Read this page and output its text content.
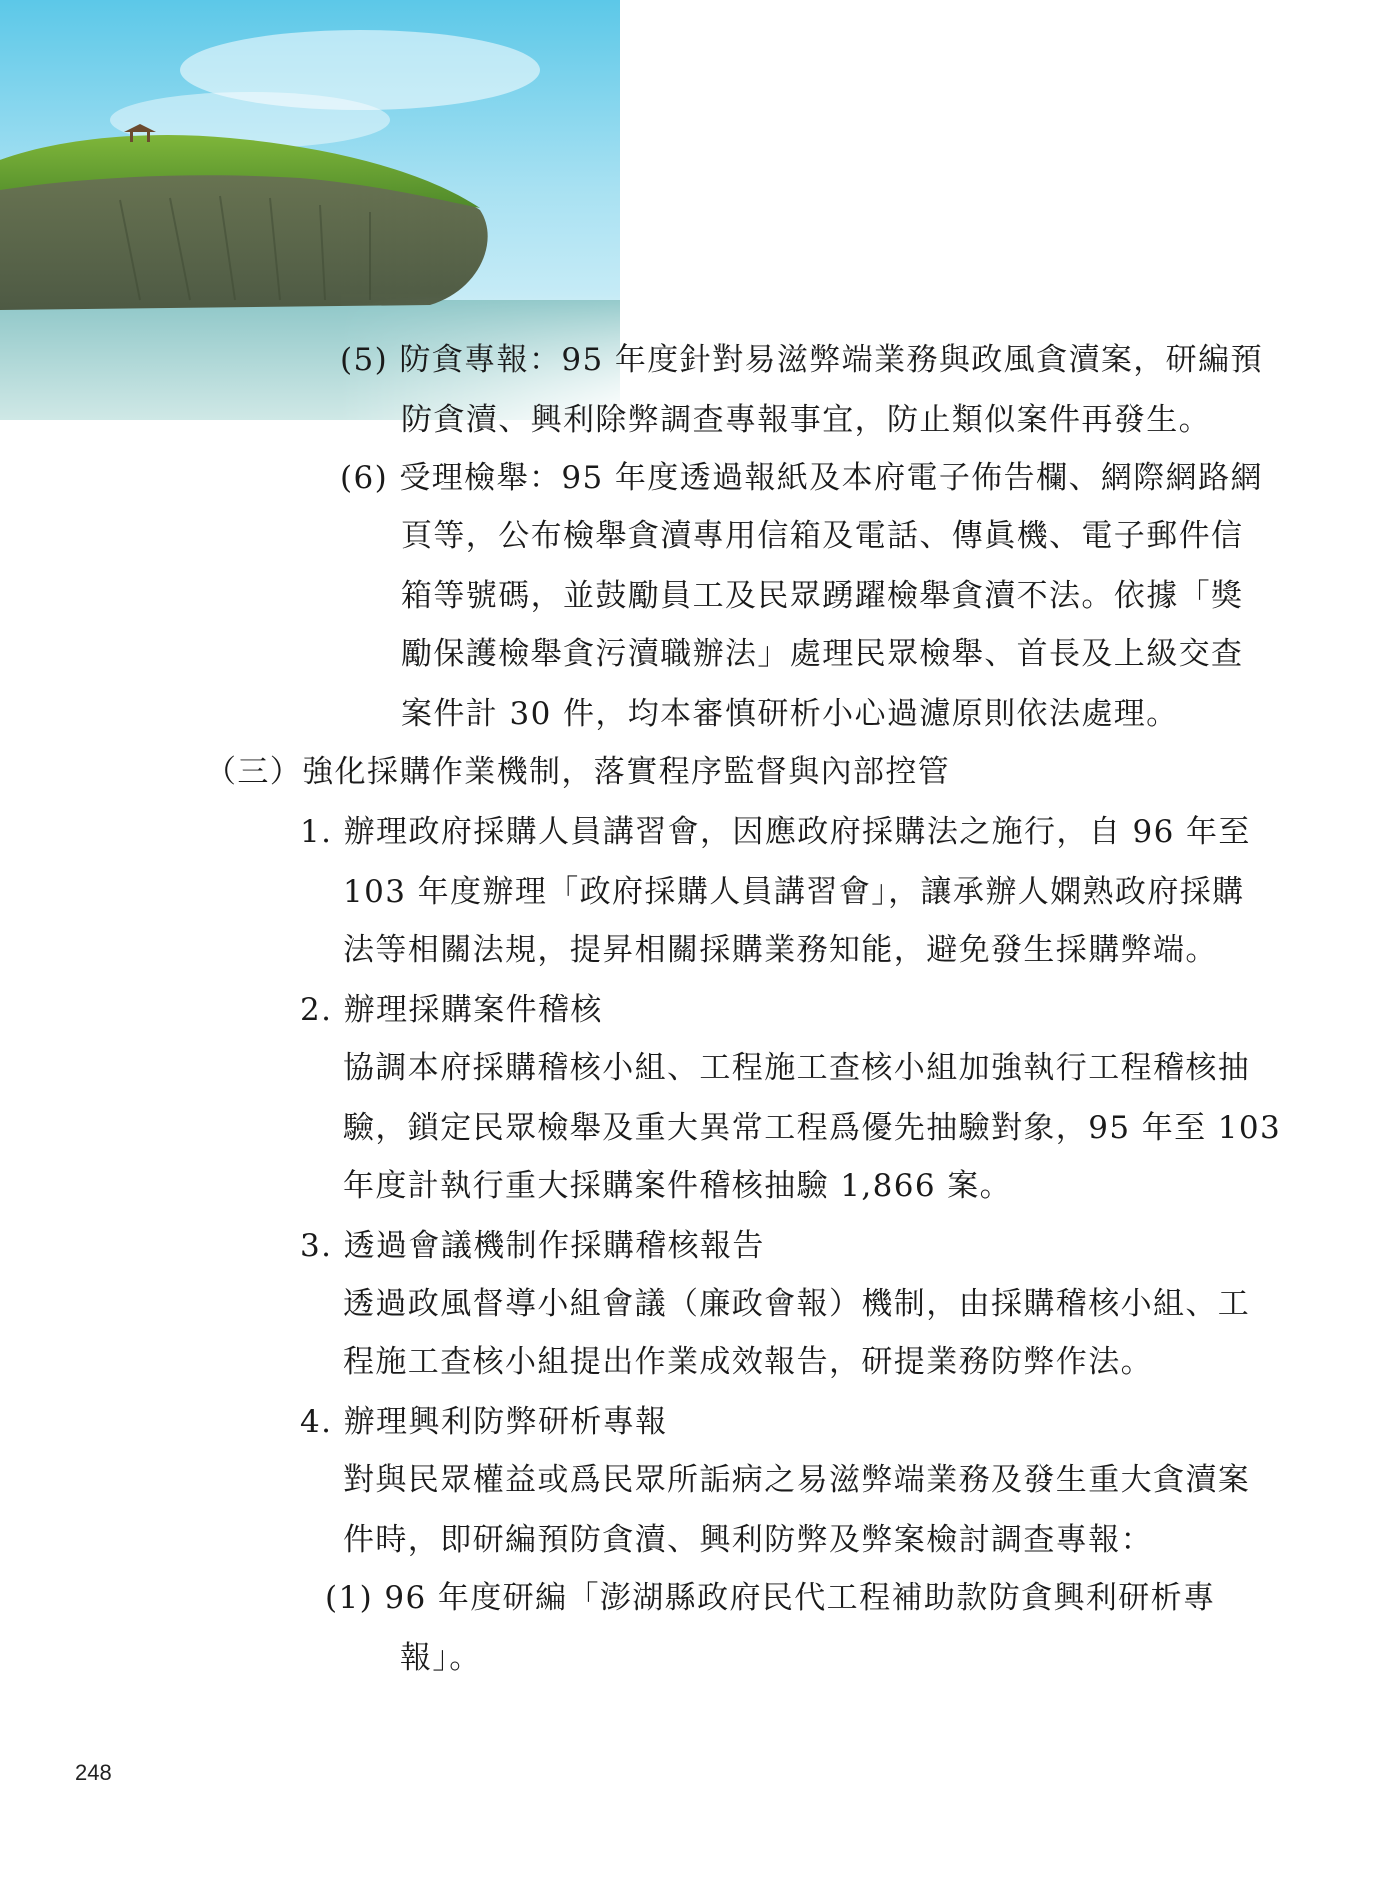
(5) 防貪專報：95 年度針對易滋弊端業務與政風貪瀆案，研編預
防貪瀆、興利除弊調查專報事宜，防止類似案件再發生。
(6) 受理檢舉：95 年度透過報紙及本府電子佈告欄、網際網路網
頁等，公布檢舉貪瀆專用信箱及電話、傳眞機、電子郵件信
箱等號碼，並鼓勵員工及民眾踴躍檢舉貪瀆不法。依據「獎
勵保護檢舉貪污瀆職辦法」處理民眾檢舉、首長及上級交查
案件計 30 件，均本審慎研析小心過濾原則依法處理。
（三）強化採購作業機制，落實程序監督與內部控管
1. 辦理政府採購人員講習會，因應政府採購法之施行，自 96 年至
103 年度辦理「政府採購人員講習會」，讓承辦人嫻熟政府採購
法等相關法規，提昇相關採購業務知能，避免發生採購弊端。
2. 辦理採購案件稽核
協調本府採購稽核小組、工程施工查核小組加強執行工程稽核抽
驗，鎖定民眾檢舉及重大異常工程爲優先抽驗對象，95 年至 103
年度計執行重大採購案件稽核抽驗 1,866 案。
3. 透過會議機制作採購稽核報告
透過政風督導小組會議（廉政會報）機制，由採購稽核小組、工
程施工查核小組提出作業成效報告，研提業務防弊作法。
4. 辦理興利防弊研析專報
對與民眾權益或爲民眾所詬病之易滋弊端業務及發生重大貪瀆案
件時，即研編預防貪瀆、興利防弊及弊案檢討調查專報：
(1) 96 年度研編「澎湖縣政府民代工程補助款防貪興利研析專
報」。
248
